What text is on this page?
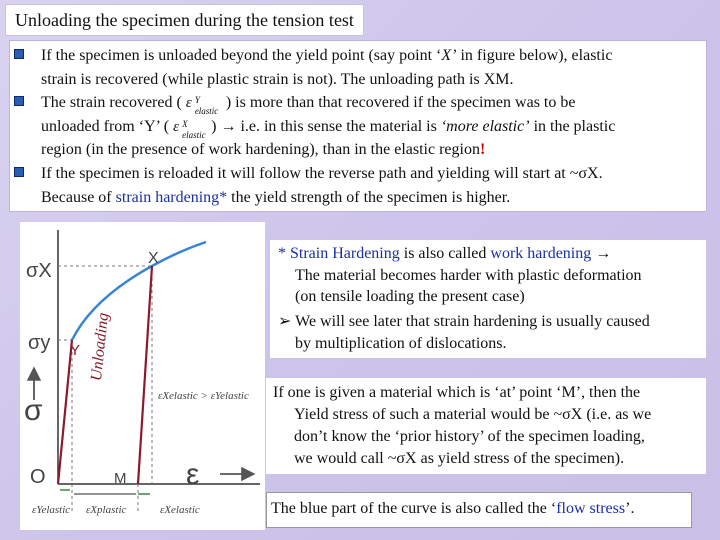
Unloading the specimen during the tension test
If the specimen is unloaded beyond the yield point (say point ‘X’ in figure below), elastic
strain is recovered (while plastic strain is not). The unloading path is XM.
The strain recovered ( ε Y
elastic ) is more than that recovered if the specimen was to be
unloaded from ‘Y’ ( ε X
elastic ) → i.e. in this sense the material is ‘more elastic’ in the plastic
region (in the presence of work hardening), than in the elastic region!
If the specimen is reloaded it will follow the reverse path and yielding will start at ~σX.
Because of strain hardening* the yield strength of the specimen is higher.
σX
σy
σ
ε
X
Y
O	M
Unloading
εXelastic > εYelastic
εYelastic εXplastic	εXelastic
* Strain Hardening is also called work hardening →
The material becomes harder with plastic deformation
(on tensile loading the present case)
➢ We will see later that strain hardening is usually caused
by multiplication of dislocations.
If one is given a material which is ‘at’ point ‘M’, then the
Yield stress of such a material would be ~σX (i.e. as we
don’t know the ‘prior history’ of the specimen loading,
we would call ~σX as yield stress of the specimen).
The blue part of the curve is also called the ‘flow stress’.
